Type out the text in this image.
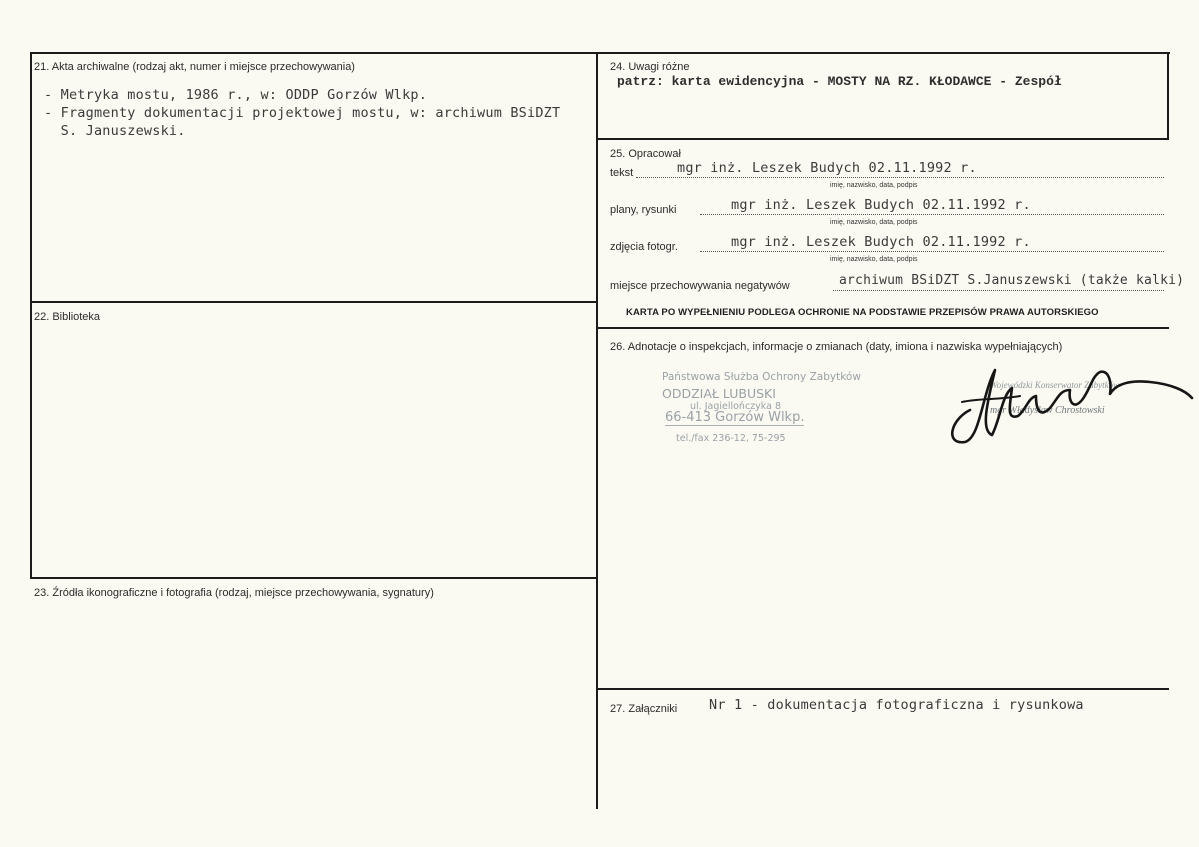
21. Akta archiwalne (rodzaj akt, numer i miejsce przechowywania)
- Metryka mostu, 1986 r., w: ODDP Gorzów Wlkp.
- Fragmenty dokumentacji projektowej mostu, w: archiwum BSiDZT
S. Januszewski.
22. Biblioteka
23. Źródła ikonograficzne i fotografia (rodzaj, miejsce przechowywania, sygnatury)
24. Uwagi różne
patrz: karta ewidencyjna - MOSTY NA RZ. KŁODAWCE - Zespół
25. Opracował
tekst	mgr inż. Leszek Budych 02.11.1992 r.
imię, nazwisko, data, podpis
plany, rysunki	mgr inż. Leszek Budych 02.11.1992 r.
imię, nazwisko, data, podpis
zdjęcia fotogr.	mgr inż. Leszek Budych 02.11.1992 r.
imię, nazwisko, data, podpis
miejsce przechowywania negatywów	archiwum BSiDZT S.Januszewski (także kalki)
KARTA PO WYPEŁNIENIU PODLEGA OCHRONIE NA PODSTAWIE PRZEPISÓW PRAWA AUTORSKIEGO
26. Adnotacje o inspekcjach, informacje o zmianach (daty, imiona i nazwiska wypełniających)
Państwowa Służba Ochrony Zabytków
ODDZIAŁ LUBUSKI
ul. Jagiellończyka 8
66-413 Gorzów Wlkp.
tel./fax 236-12, 75-295
Wojewódzki Konserwator Zabytków
mgr Władysław Chrostowski
27. Załączniki Nr 1 - dokumentacja fotograficzna i rysunkowa
